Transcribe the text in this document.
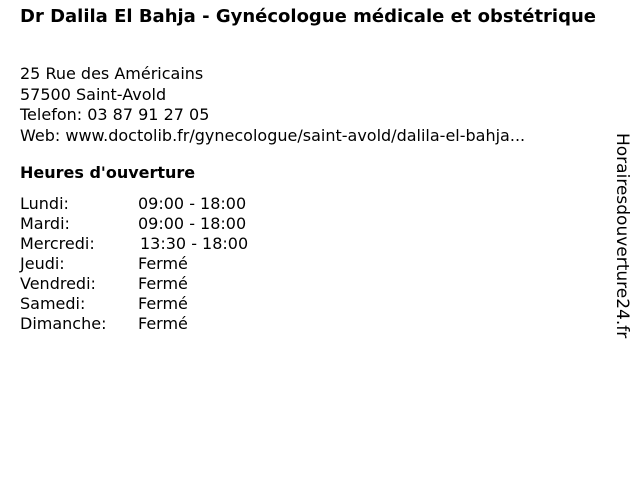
Dr Dalila El Bahja - Gynécologue médicale et obstétrique
25 Rue des Américains
57500 Saint-Avold
Telefon: 03 87 91 27 05
Web: www.doctolib.fr/gynecologue/saint-avold/dalila-el-bahja...
Heures d'ouverture
Lundi:	09:00 - 18:00
Mardi:	09:00 - 18:00
Mercredi:	13:30 - 18:00
Jeudi:	Fermé
Vendredi:	Fermé
Samedi:	Fermé
Dimanche:	Fermé	Horairesdouverture24.fr
